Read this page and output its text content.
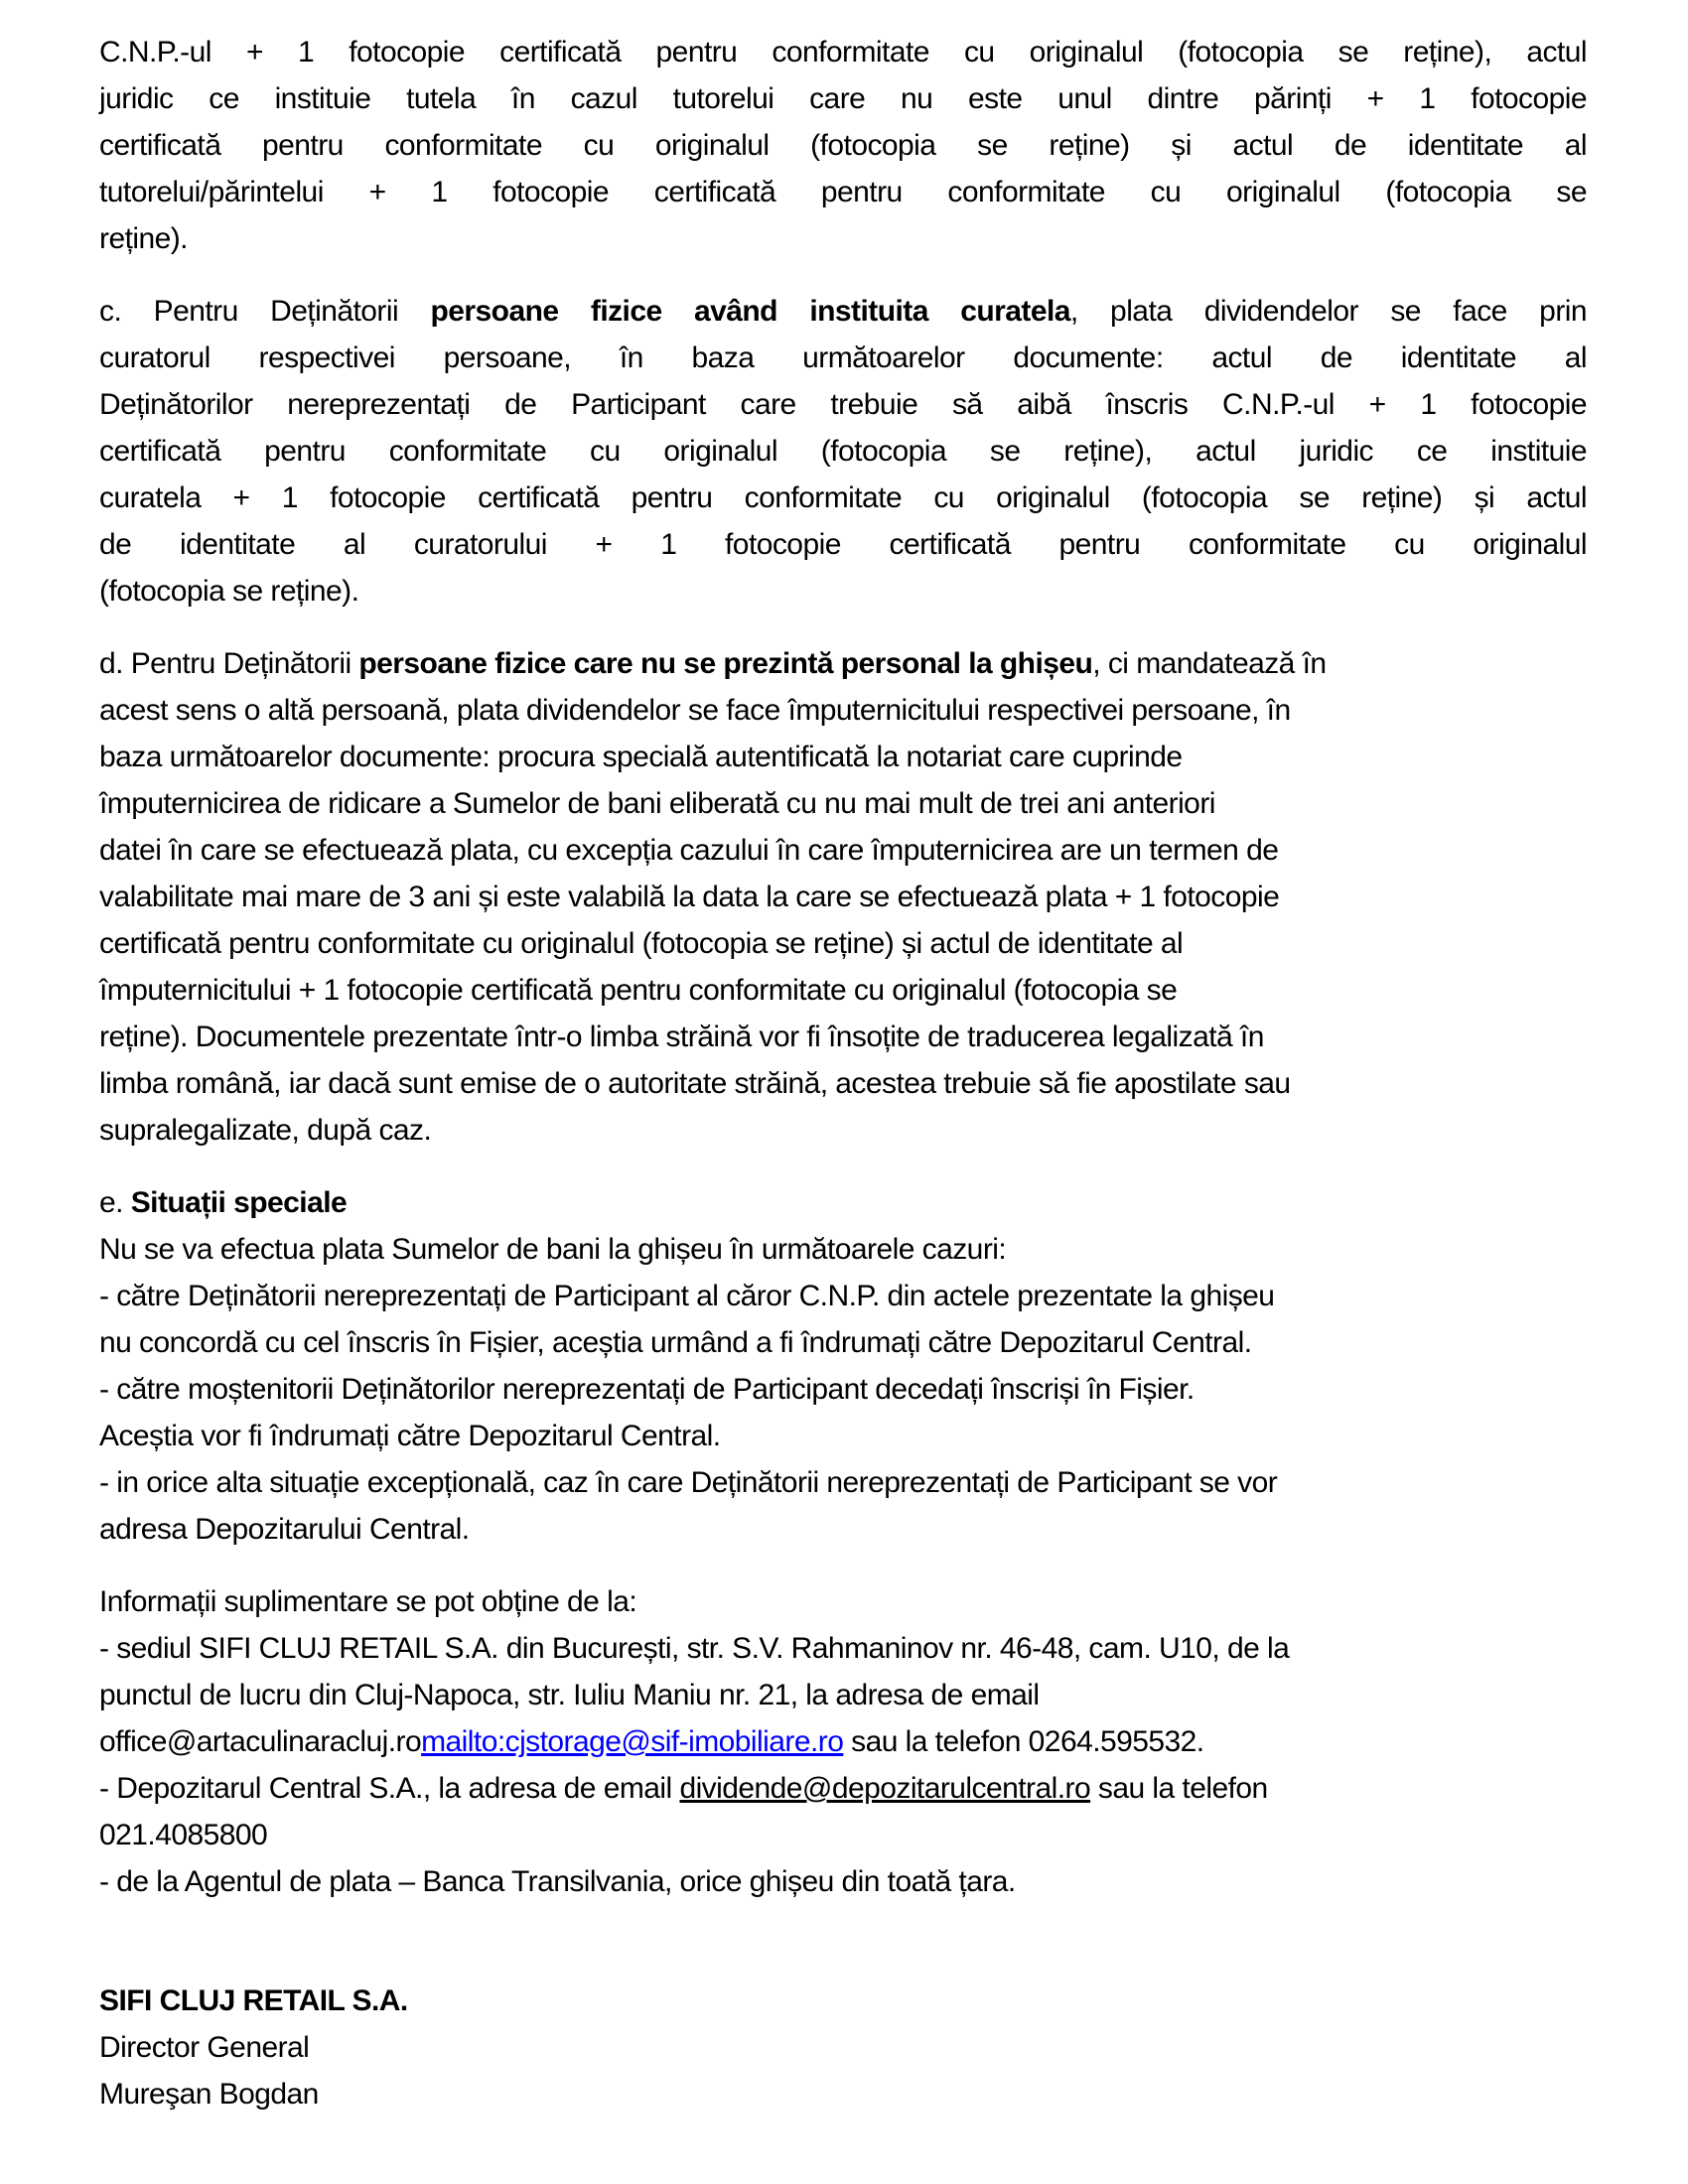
C.N.P.-ul + 1 fotocopie certificată pentru conformitate cu originalul (fotocopia se reține), actul
juridic ce instituie tutela în cazul tutorelui care nu este unul dintre părinți + 1 fotocopie
certificată pentru conformitate cu originalul (fotocopia se reține) și actul de identitate al
tutorelui/părintelui + 1 fotocopie certificată pentru conformitate cu originalul (fotocopia se
reține).
c. Pentru Deținătorii persoane fizice având instituita curatela, plata dividendelor se face prin
curatorul respectivei persoane, în baza următoarelor documente: actul de identitate al
Deținătorilor nereprezentați de Participant care trebuie să aibă înscris C.N.P.-ul + 1 fotocopie
certificată pentru conformitate cu originalul (fotocopia se reține), actul juridic ce instituie
curatela + 1 fotocopie certificată pentru conformitate cu originalul (fotocopia se reține) și actul
de identitate al curatorului + 1 fotocopie certificată pentru conformitate cu originalul
(fotocopia se reține).
d. Pentru Deținătorii persoane fizice care nu se prezintă personal la ghișeu, ci mandatează în
acest sens o altă persoană, plata dividendelor se face împuternicitului respectivei persoane, în
baza următoarelor documente: procura specială autentificată la notariat care cuprinde
împuternicirea de ridicare a Sumelor de bani eliberată cu nu mai mult de trei ani anteriori
datei în care se efectuează plata, cu excepția cazului în care împuternicirea are un termen de
valabilitate mai mare de 3 ani și este valabilă la data la care se efectuează plata + 1 fotocopie
certificată pentru conformitate cu originalul (fotocopia se reține) și actul de identitate al
împuternicitului + 1 fotocopie certificată pentru conformitate cu originalul (fotocopia se
reține). Documentele prezentate într-o limba străină vor fi însoțite de traducerea legalizată în
limba română, iar dacă sunt emise de o autoritate străină, acestea trebuie să fie apostilate sau
supralegalizate, după caz.
e. Situații speciale
Nu se va efectua plata Sumelor de bani la ghișeu în următoarele cazuri:
- către Deținătorii nereprezentați de Participant al căror C.N.P. din actele prezentate la ghișeu
nu concordă cu cel înscris în Fișier, aceștia urmând a fi îndrumați către Depozitarul Central.
- către moștenitorii Deținătorilor nereprezentați de Participant decedați înscriși în Fișier.
Aceștia vor fi îndrumați către Depozitarul Central.
- in orice alta situație excepțională, caz în care Deținătorii nereprezentați de Participant se vor
adresa Depozitarului Central.
Informații suplimentare se pot obține de la:
- sediul SIFI CLUJ RETAIL S.A. din București, str. S.V. Rahmaninov nr. 46-48, cam. U10, de la
punctul de lucru din Cluj-Napoca, str. Iuliu Maniu nr. 21, la adresa de email
office@artaculinaracluj.romailto:cjstorage@sif-imobiliare.ro sau la telefon 0264.595532.
- Depozitarul Central S.A., la adresa de email dividende@depozitarulcentral.ro sau la telefon
021.4085800
- de la Agentul de plata – Banca Transilvania, orice ghișeu din toată țara.
SIFI CLUJ RETAIL S.A.
Director General
Mureşan Bogdan
